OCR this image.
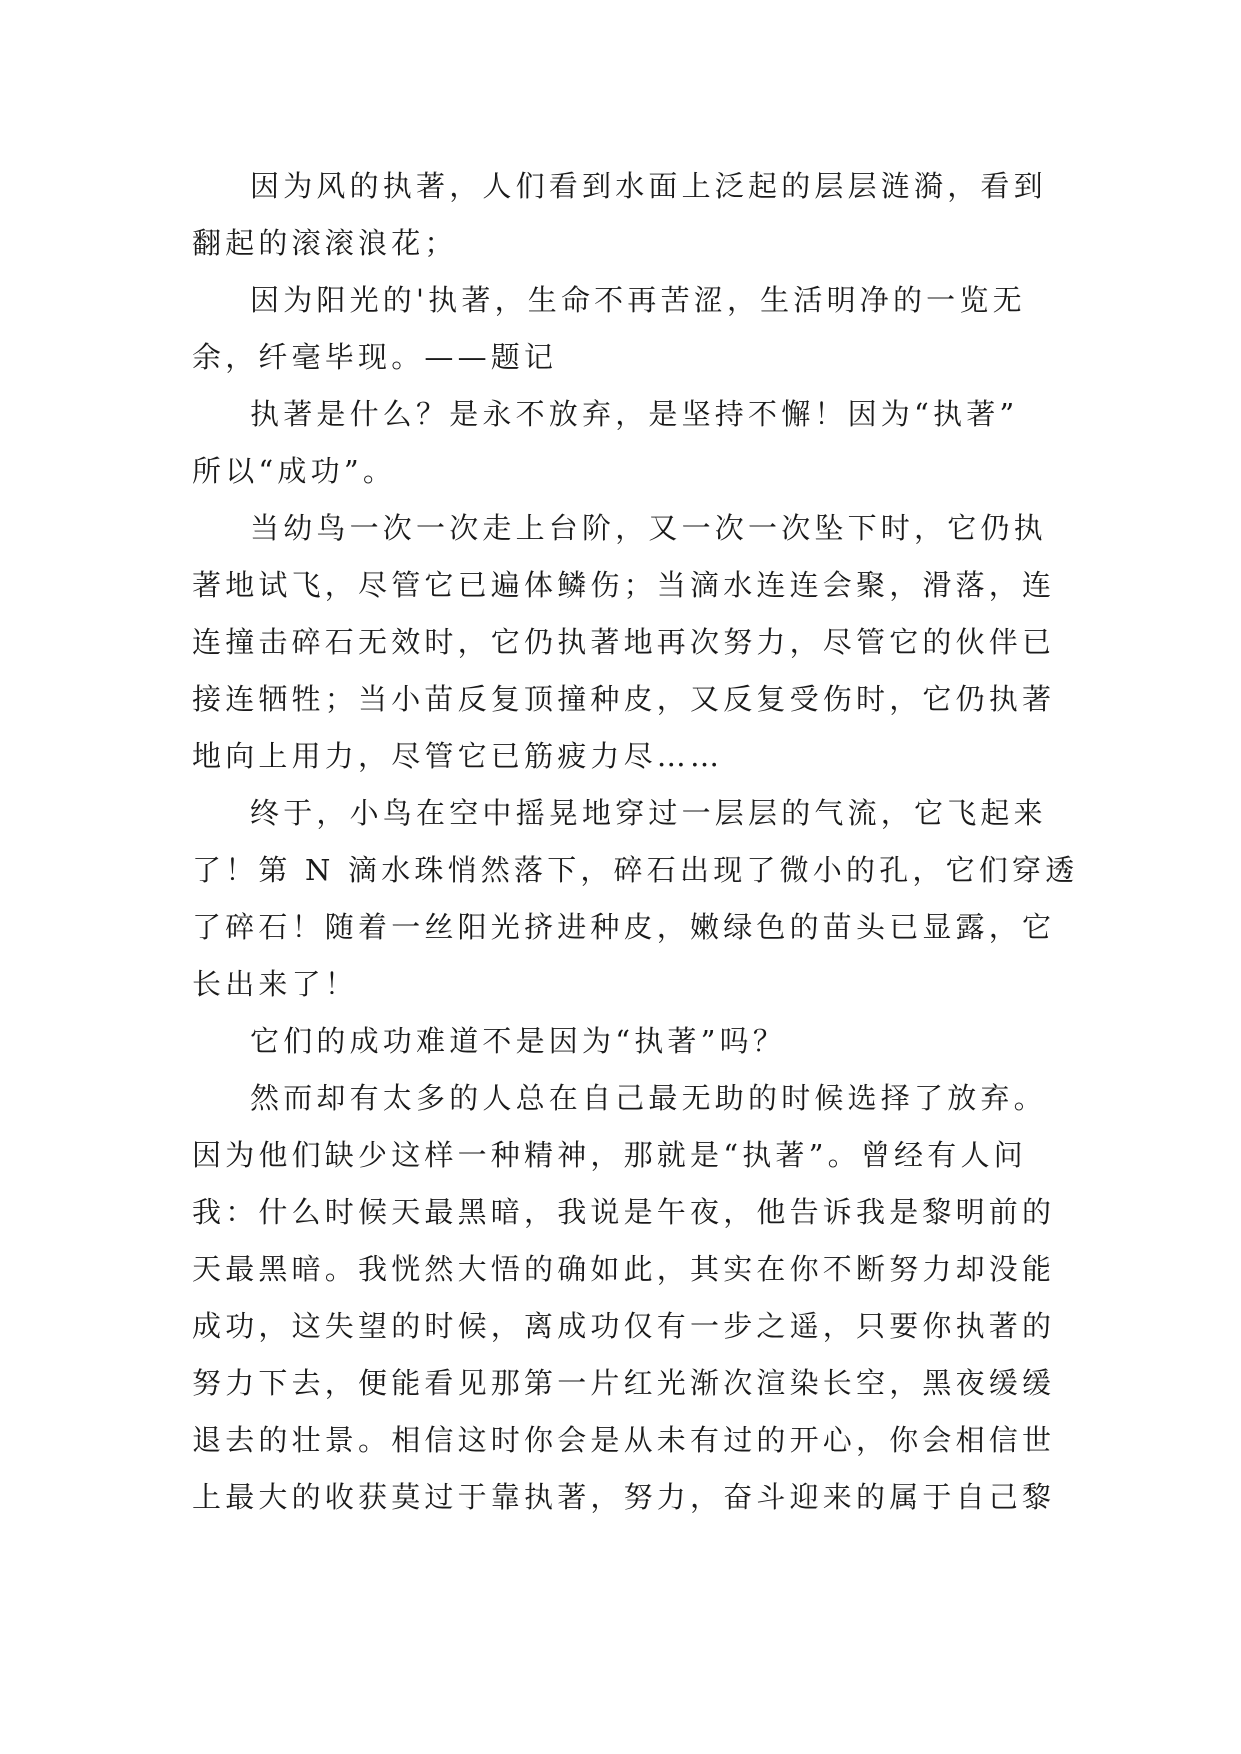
因为风的执著，人们看到水面上泛起的层层涟漪，看到
翻起的滚滚浪花；

因为阳光的'执著，生命不再苦涩，生活明净的一览无
余，纤毫毕现。——题记

执著是什么？是永不放弃，是坚持不懈！因为“执著”
所以“成功”。

当幼鸟一次一次走上台阶，又一次一次坠下时，它仍执
著地试飞，尽管它已遍体鳞伤；当滴水连连会聚，滑落，连
连撞击碎石无效时，它仍执著地再次努力，尽管它的伙伴已
接连牺牲；当小苗反复顶撞种皮，又反复受伤时，它仍执著
地向上用力，尽管它已筋疲力尽……

终于，小鸟在空中摇晃地穿过一层层的气流，它飞起来
了！第 N 滴水珠悄然落下，碎石出现了微小的孔，它们穿透
了碎石！随着一丝阳光挤进种皮，嫩绿色的苗头已显露，它
长出来了！

它们的成功难道不是因为“执著”吗？

然而却有太多的人总在自己最无助的时候选择了放弃。
因为他们缺少这样一种精神，那就是“执著”。曾经有人问
我：什么时候天最黑暗，我说是午夜，他告诉我是黎明前的
天最黑暗。我恍然大悟的确如此，其实在你不断努力却没能
成功，这失望的时候，离成功仅有一步之遥，只要你执著的
努力下去，便能看见那第一片红光渐次渲染长空，黑夜缓缓
退去的壮景。相信这时你会是从未有过的开心，你会相信世
上最大的收获莫过于靠执著，努力，奋斗迎来的属于自己黎
